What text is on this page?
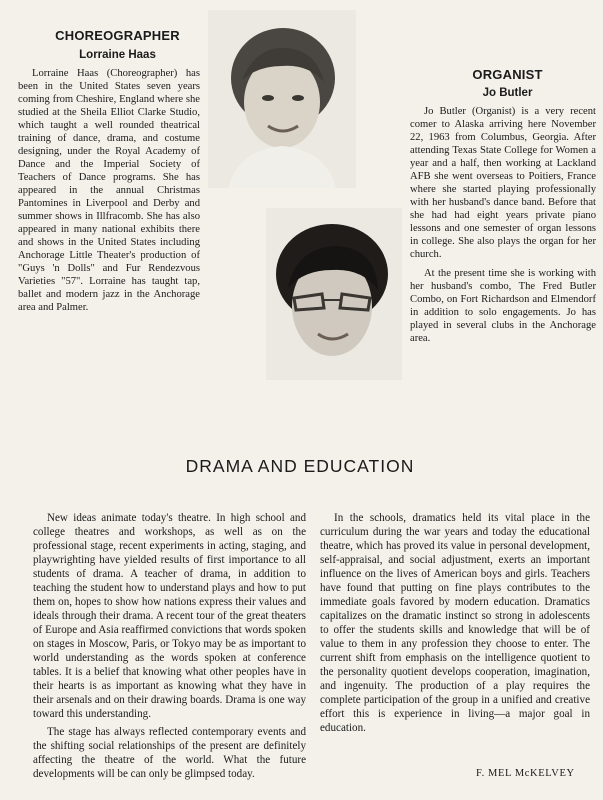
CHOREOGRAPHER
Lorraine Haas

Lorraine Haas (Choreographer) has been in the United States seven years coming from Cheshire, England where she studied at the Sheila Elliot Clarke Studio, which taught a well rounded theatrical training of dance, drama, and costume designing, under the Royal Academy of Dance and the Imperial Society of Teachers of Dance programs. She has appeared in the annual Christmas Pantomines in Liverpool and Derby and summer shows in Illfracomb. She has also appeared in many national exhibits there and shows in the United States including Anchorage Little Theater's production of "Guys 'n Dolls" and Fur Rendezvous Varieties "57". Lorraine has taught tap, ballet and modern jazz in the Anchorage area and Palmer.

ORGANIST
Jo Butler

Jo Butler (Organist) is a very recent comer to Alaska arriving here November 22, 1963 from Columbus, Georgia. After attending Texas State College for Women a year and a half, then working at Lackland AFB she went overseas to Poitiers, France where she started playing professionally with her husband's dance band. Before that she had had eight years private piano lessons and one semester of organ lessons in college. She also plays the organ for her church.

At the present time she is working with her husband's combo, The Fred Butler Combo, on Fort Richardson and Elmendorf in addition to solo engagements. Jo has played in several clubs in the Anchorage area.

DRAMA AND EDUCATION

New ideas animate today's theatre. In high school and college theatres and workshops, as well as on the professional stage, recent experiments in acting, staging, and playwrighting have yielded results of first importance to all students of drama. A teacher of drama, in addition to teaching the student how to understand plays and how to put them on, hopes to show how nations express their values and ideals through their drama. A recent tour of the great theaters of Europe and Asia reaffirmed convictions that words spoken on stages in Moscow, Paris, or Tokyo may be as important to world understanding as the words spoken at conference tables. It is a belief that knowing what other peoples have in their hearts is as important as knowing what they have in their arsenals and on their drawing boards. Drama is one way toward this understanding.

The stage has always reflected contemporary events and the shifting social relationships of the present are definitely affecting the theatre of the world. What the future developments will be can only be glimpsed today.

In the schools, dramatics held its vital place in the curriculum during the war years and today the educational theatre, which has proved its value in personal development, self-appraisal, and social adjustment, exerts an important influence on the lives of American boys and girls. Teachers have found that putting on fine plays contributes to the immediate goals favored by modern education. Dramatics capitalizes on the dramatic instinct so strong in adolescents to offer the students skills and knowledge that will be of value to them in any profession they choose to enter. The current shift from emphasis on the intelligence quotient to the personality quotient develops cooperation, imagination, and ingenuity. The production of a play requires the complete participation of the group in a unified and creative effort this is experience in living—a major goal in education.

F. MEL McKELVEY
